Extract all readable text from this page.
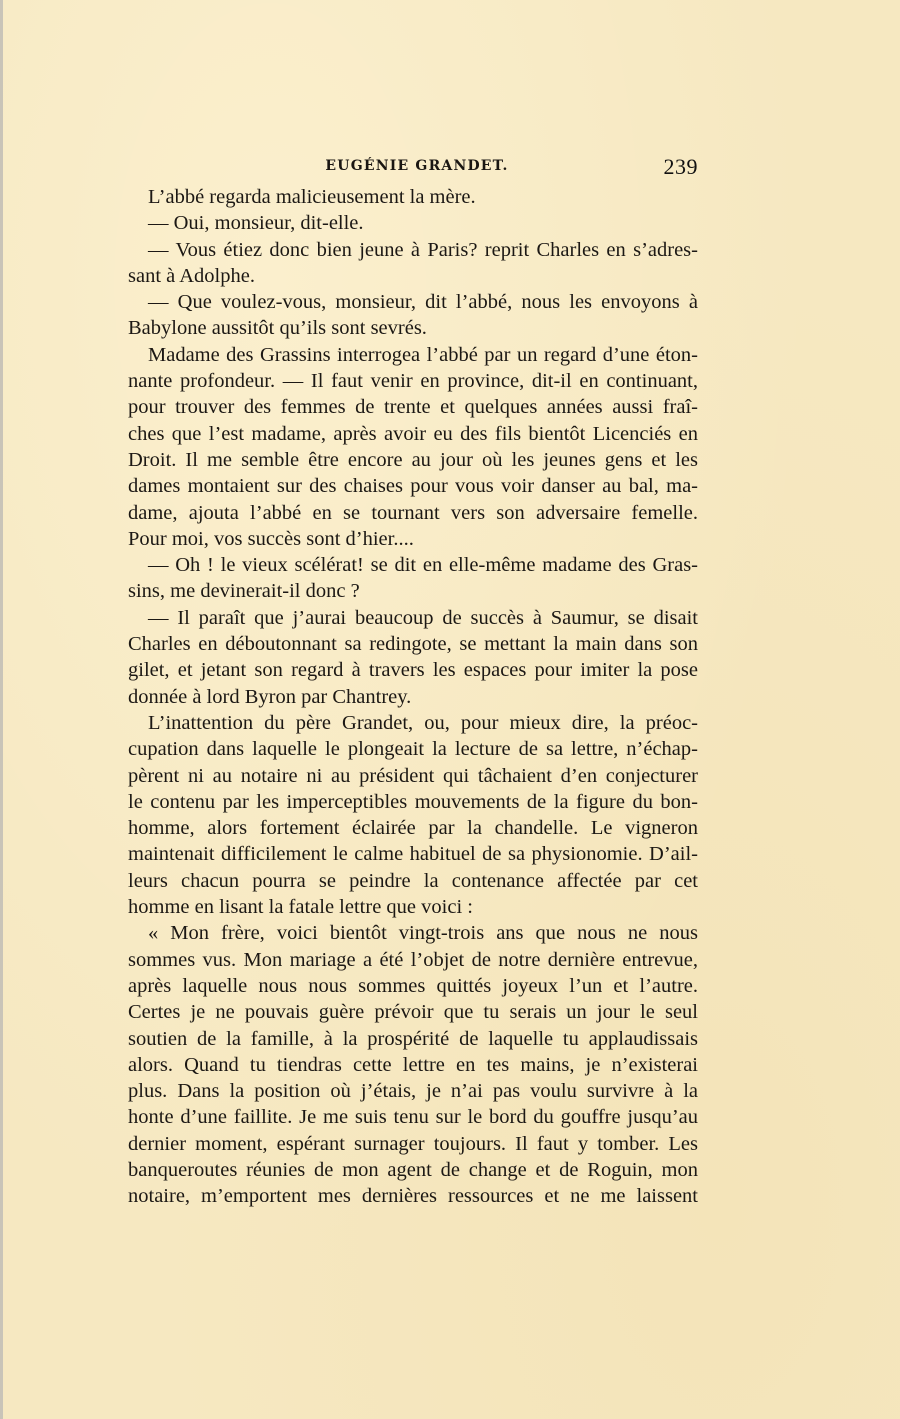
EUGÉNIE GRANDET.	239
L’abbé regarda malicieusement la mère.
— Oui, monsieur, dit-elle.
— Vous étiez donc bien jeune à Paris? reprit Charles en s’adres-
sant à Adolphe.
— Que voulez-vous, monsieur, dit l’abbé, nous les envoyons à
Babylone aussitôt qu’ils sont sevrés.
Madame des Grassins interrogea l’abbé par un regard d’une éton-
nante profondeur. — Il faut venir en province, dit-il en continuant,
pour trouver des femmes de trente et quelques années aussi fraî-
ches que l’est madame, après avoir eu des fils bientôt Licenciés en
Droit. Il me semble être encore au jour où les jeunes gens et les
dames montaient sur des chaises pour vous voir danser au bal, ma-
dame, ajouta l’abbé en se tournant vers son adversaire femelle.
Pour moi, vos succès sont d’hier....
— Oh ! le vieux scélérat! se dit en elle-même madame des Gras-
sins, me devinerait-il donc ?
— Il paraît que j’aurai beaucoup de succès à Saumur, se disait
Charles en déboutonnant sa redingote, se mettant la main dans son
gilet, et jetant son regard à travers les espaces pour imiter la pose
donnée à lord Byron par Chantrey.
L’inattention du père Grandet, ou, pour mieux dire, la préoc-
cupation dans laquelle le plongeait la lecture de sa lettre, n’échap-
pèrent ni au notaire ni au président qui tâchaient d’en conjecturer
le contenu par les imperceptibles mouvements de la figure du bon-
homme, alors fortement éclairée par la chandelle. Le vigneron
maintenait difficilement le calme habituel de sa physionomie. D’ail-
leurs chacun pourra se peindre la contenance affectée par cet
homme en lisant la fatale lettre que voici :
« Mon frère, voici bientôt vingt-trois ans que nous ne nous
sommes vus. Mon mariage a été l’objet de notre dernière entrevue,
après laquelle nous nous sommes quittés joyeux l’un et l’autre.
Certes je ne pouvais guère prévoir que tu serais un jour le seul
soutien de la famille, à la prospérité de laquelle tu applaudissais
alors. Quand tu tiendras cette lettre en tes mains, je n’existerai
plus. Dans la position où j’étais, je n’ai pas voulu survivre à la
honte d’une faillite. Je me suis tenu sur le bord du gouffre jusqu’au
dernier moment, espérant surnager toujours. Il faut y tomber. Les
banqueroutes réunies de mon agent de change et de Roguin, mon
notaire, m’emportent mes dernières ressources et ne me laissent
